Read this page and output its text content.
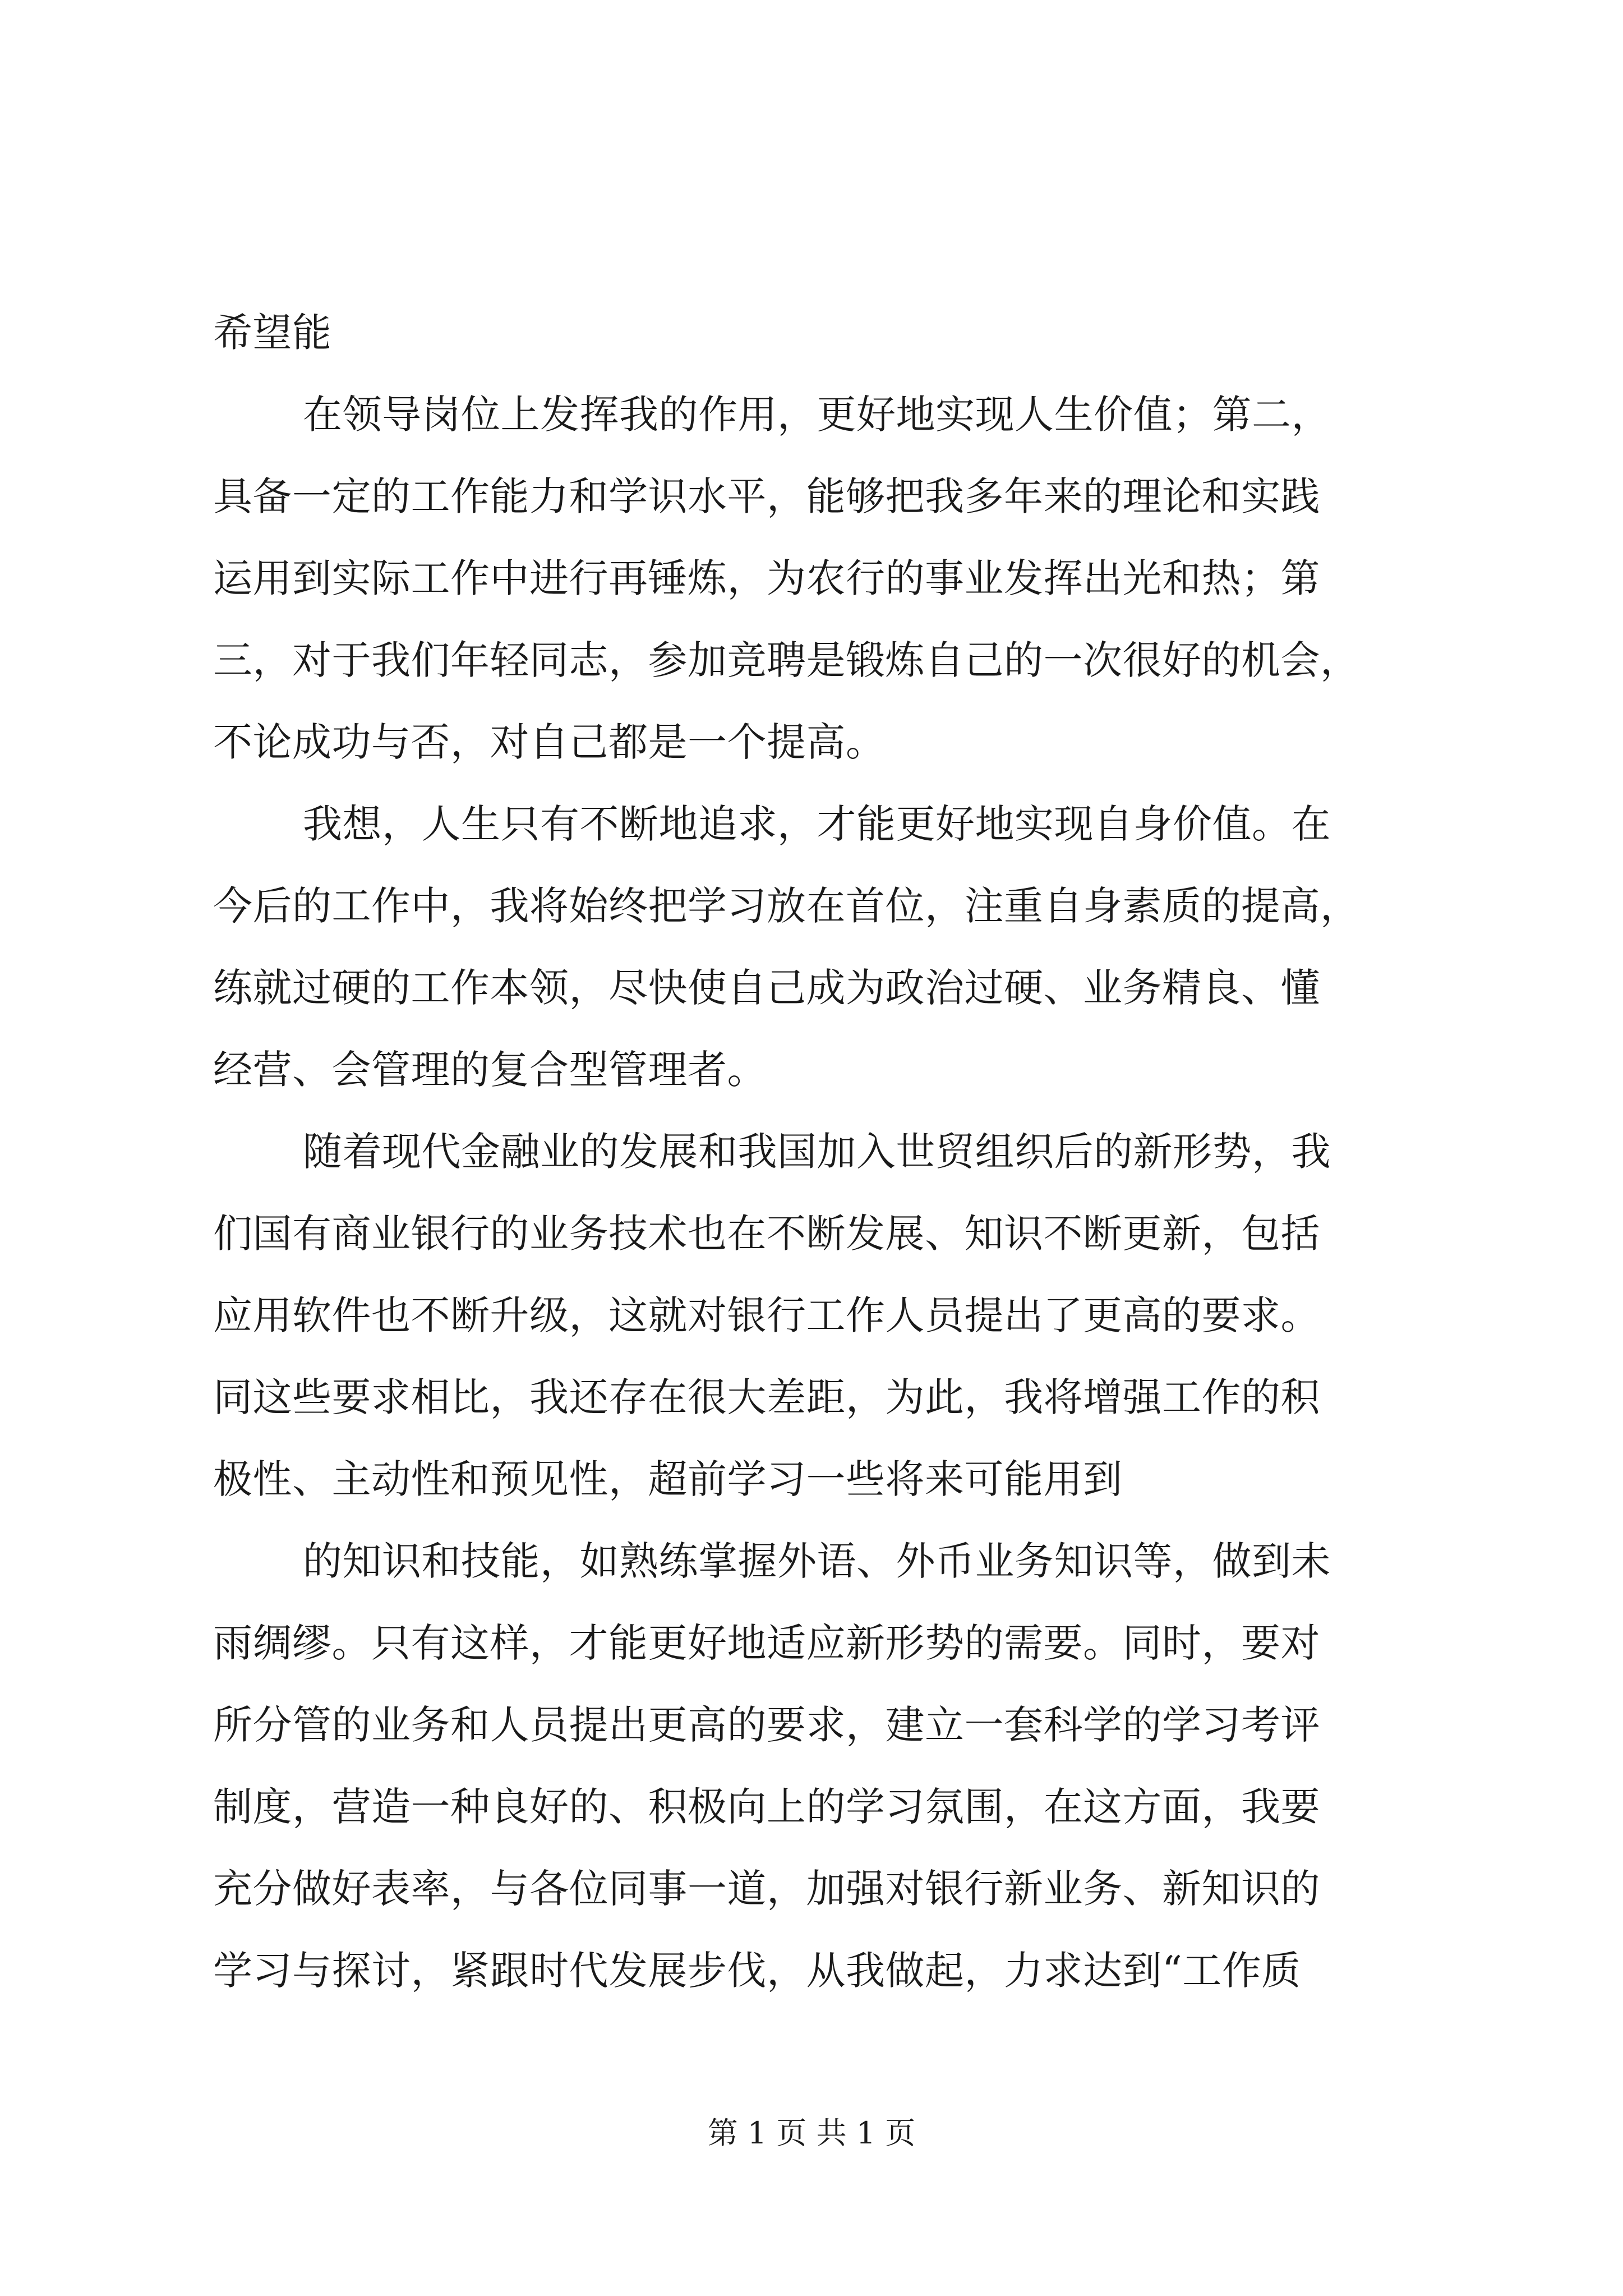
希望能
在领导岗位上发挥我的作用，更好地实现人生价值；第二，
具备一定的工作能力和学识水平，能够把我多年来的理论和实践
运用到实际工作中进行再锤炼，为农行的事业发挥出光和热；第
三，对于我们年轻同志，参加竞聘是锻炼自己的一次很好的机会，
不论成功与否，对自己都是一个提高。
我想，人生只有不断地追求，才能更好地实现自身价值。在
今后的工作中，我将始终把学习放在首位，注重自身素质的提高，
练就过硬的工作本领，尽快使自己成为政治过硬、业务精良、懂
经营、会管理的复合型管理者。
随着现代金融业的发展和我国加入世贸组织后的新形势，我
们国有商业银行的业务技术也在不断发展、知识不断更新，包括
应用软件也不断升级，这就对银行工作人员提出了更高的要求。
同这些要求相比，我还存在很大差距，为此，我将增强工作的积
极性、主动性和预见性，超前学习一些将来可能用到
的知识和技能，如熟练掌握外语、外币业务知识等，做到未
雨绸缪。只有这样，才能更好地适应新形势的需要。同时，要对
所分管的业务和人员提出更高的要求，建立一套科学的学习考评
制度，营造一种良好的、积极向上的学习氛围，在这方面，我要
充分做好表率，与各位同事一道，加强对银行新业务、新知识的
学习与探讨，紧跟时代发展步伐，从我做起，力求达到“工作质
第 1 页 共 1 页
